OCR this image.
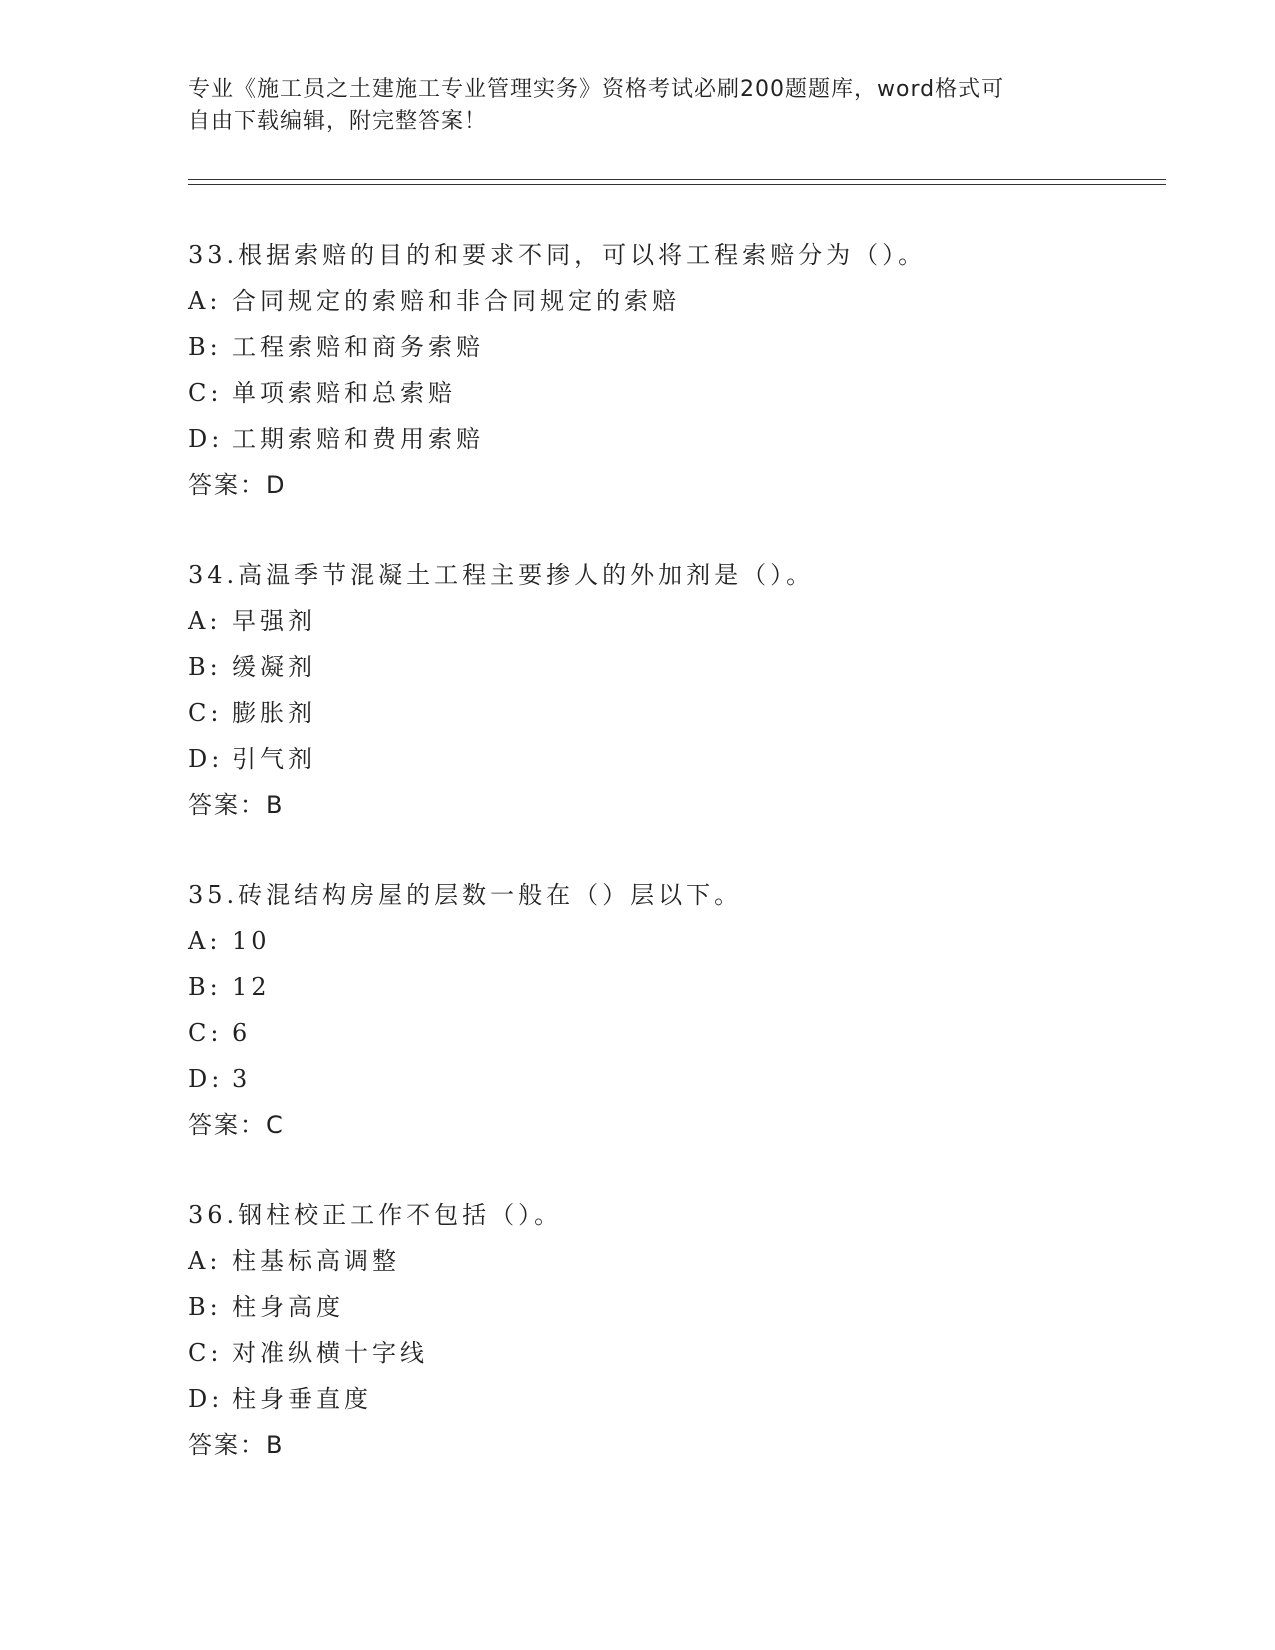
专业《施工员之土建施工专业管理实务》资格考试必刷200题题库，word格式可
自由下载编辑，附完整答案！
33.根据索赔的目的和要求不同，可以将工程索赔分为（）。
A: 合同规定的索赔和非合同规定的索赔
B: 工程索赔和商务索赔
C: 单项索赔和总索赔
D: 工期索赔和费用索赔
答案：D
34.高温季节混凝土工程主要掺人的外加剂是（）。
A: 早强剂
B: 缓凝剂
C: 膨胀剂
D: 引气剂
答案：B
35.砖混结构房屋的层数一般在（）层以下。
A: 10
B: 12
C: 6
D: 3
答案：C
36.钢柱校正工作不包括（）。
A: 柱基标高调整
B: 柱身高度
C: 对准纵横十字线
D: 柱身垂直度
答案：B
